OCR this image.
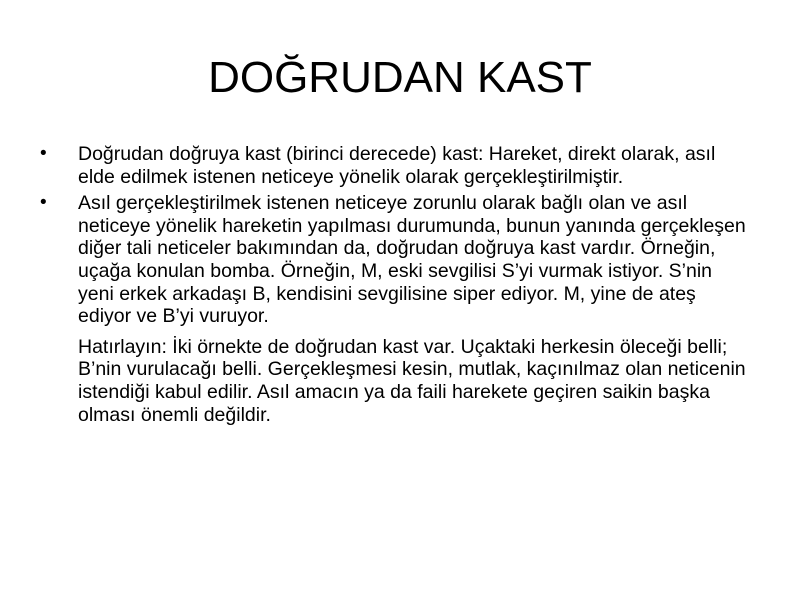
DOĞRUDAN KAST
•	Doğrudan doğruya kast (birinci derecede) kast: Hareket, direkt olarak, asıl elde edilmek istenen neticeye yönelik olarak gerçekleştirilmiştir.
•	Asıl gerçekleştirilmek istenen neticeye zorunlu olarak bağlı olan ve asıl neticeye yönelik hareketin yapılması durumunda, bunun yanında gerçekleşen diğer tali neticeler bakımından da, doğrudan doğruya kast vardır. Örneğin, uçağa konulan bomba. Örneğin, M, eski sevgilisi S’yi vurmak istiyor. S’nin yeni erkek arkadaşı B, kendisini sevgilisine siper ediyor. M, yine de ateş ediyor ve B’yi vuruyor.
Hatırlayın: İki örnekte de doğrudan kast var. Uçaktaki herkesin öleceği belli; B’nin vurulacağı belli. Gerçekleşmesi kesin, mutlak, kaçınılmaz olan neticenin istendiği kabul edilir. Asıl amacın ya da faili harekete geçiren saikin başka olması önemli değildir.
